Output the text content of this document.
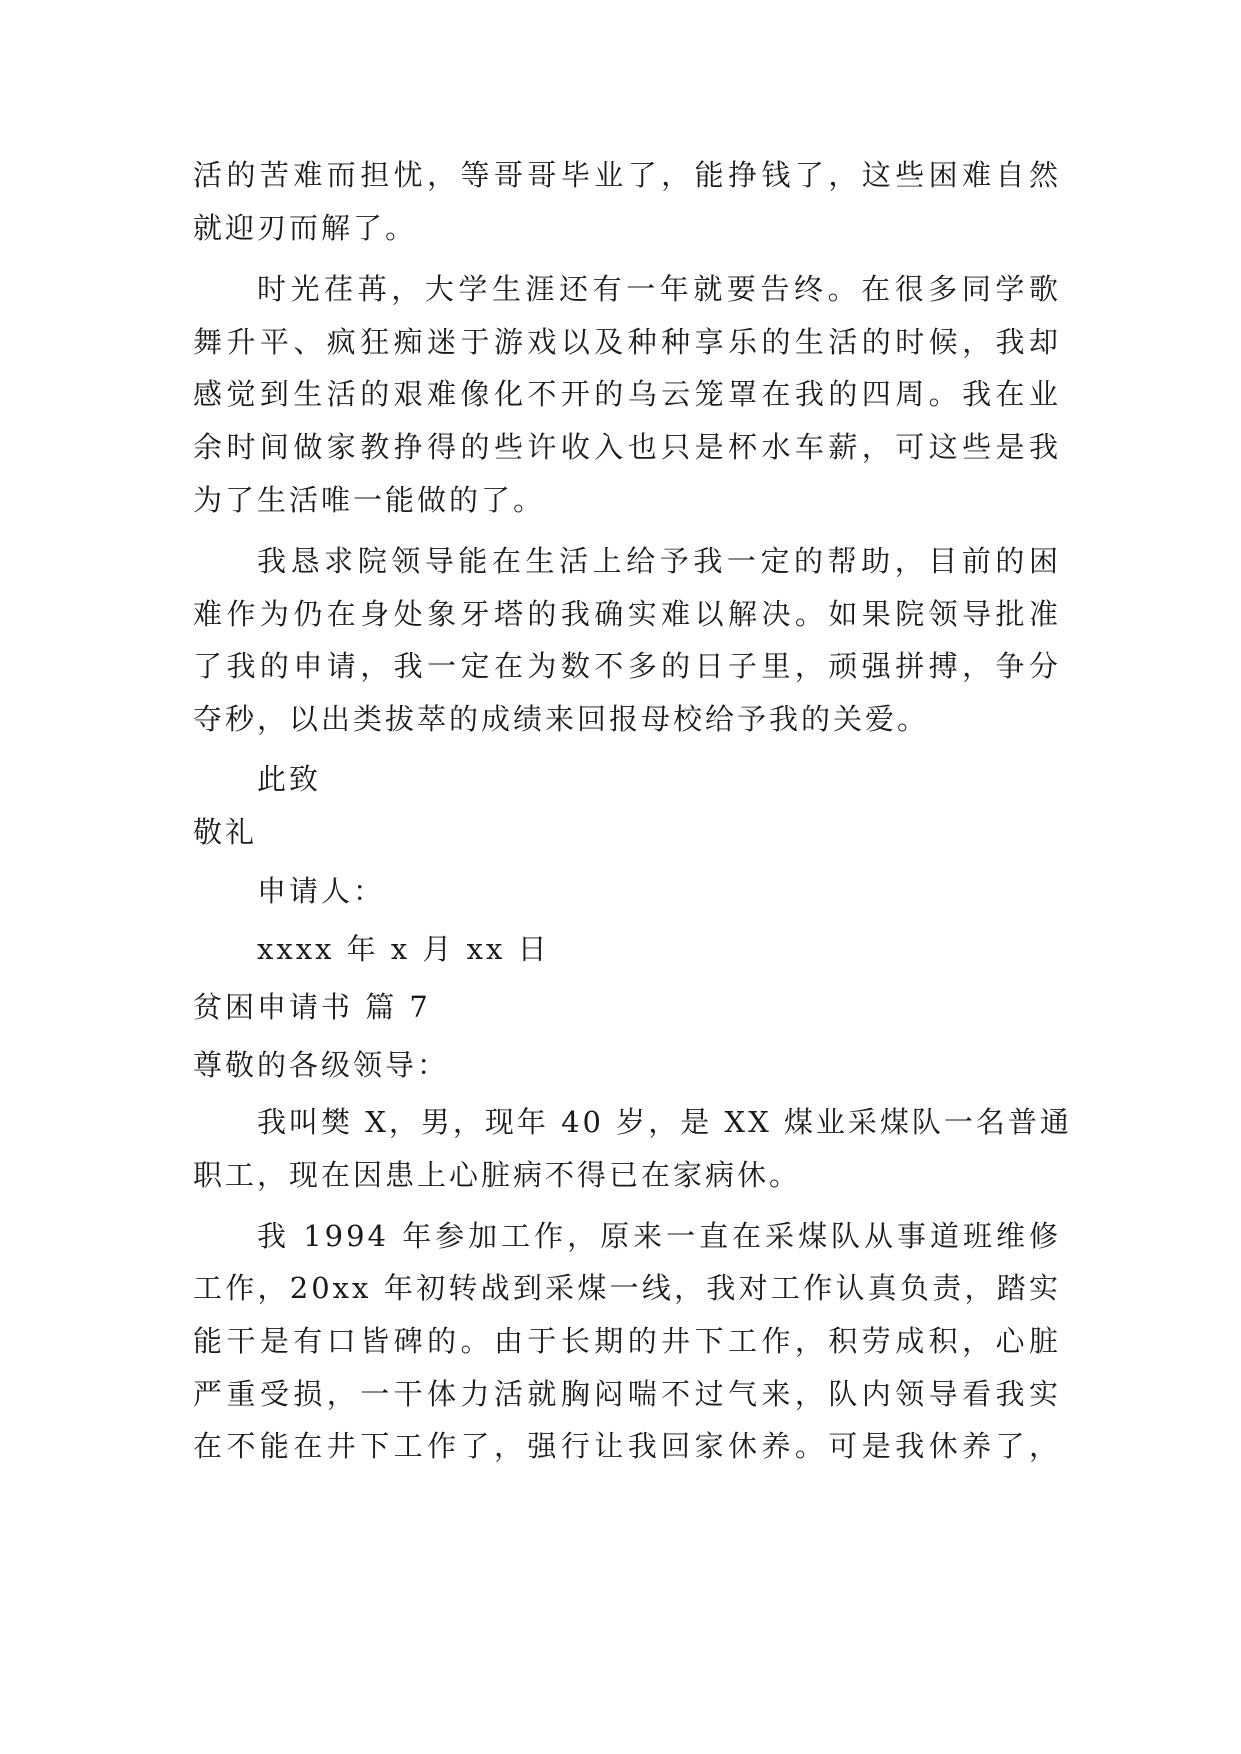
活的苦难而担忧，等哥哥毕业了，能挣钱了，这些困难自然
就迎刃而解了。
时光荏苒，大学生涯还有一年就要告终。在很多同学歌
舞升平、疯狂痴迷于游戏以及种种享乐的生活的时候，我却
感觉到生活的艰难像化不开的乌云笼罩在我的四周。我在业
余时间做家教挣得的些许收入也只是杯水车薪，可这些是我
为了生活唯一能做的了。
我恳求院领导能在生活上给予我一定的帮助，目前的困
难作为仍在身处象牙塔的我确实难以解决。如果院领导批准
了我的申请，我一定在为数不多的日子里，顽强拼搏，争分
夺秒，以出类拔萃的成绩来回报母校给予我的关爱。
此致
敬礼
申请人：
xxxx 年 x 月 xx 日
贫困申请书 篇 7
尊敬的各级领导：
我叫樊 X，男，现年 40 岁，是 XX 煤业采煤队一名普通
职工，现在因患上心脏病不得已在家病休。
我 1994 年参加工作，原来一直在采煤队从事道班维修
工作，20xx 年初转战到采煤一线，我对工作认真负责，踏实
能干是有口皆碑的。由于长期的井下工作，积劳成积，心脏
严重受损，一干体力活就胸闷喘不过气来，队内领导看我实
在不能在井下工作了，强行让我回家休养。可是我休养了，
